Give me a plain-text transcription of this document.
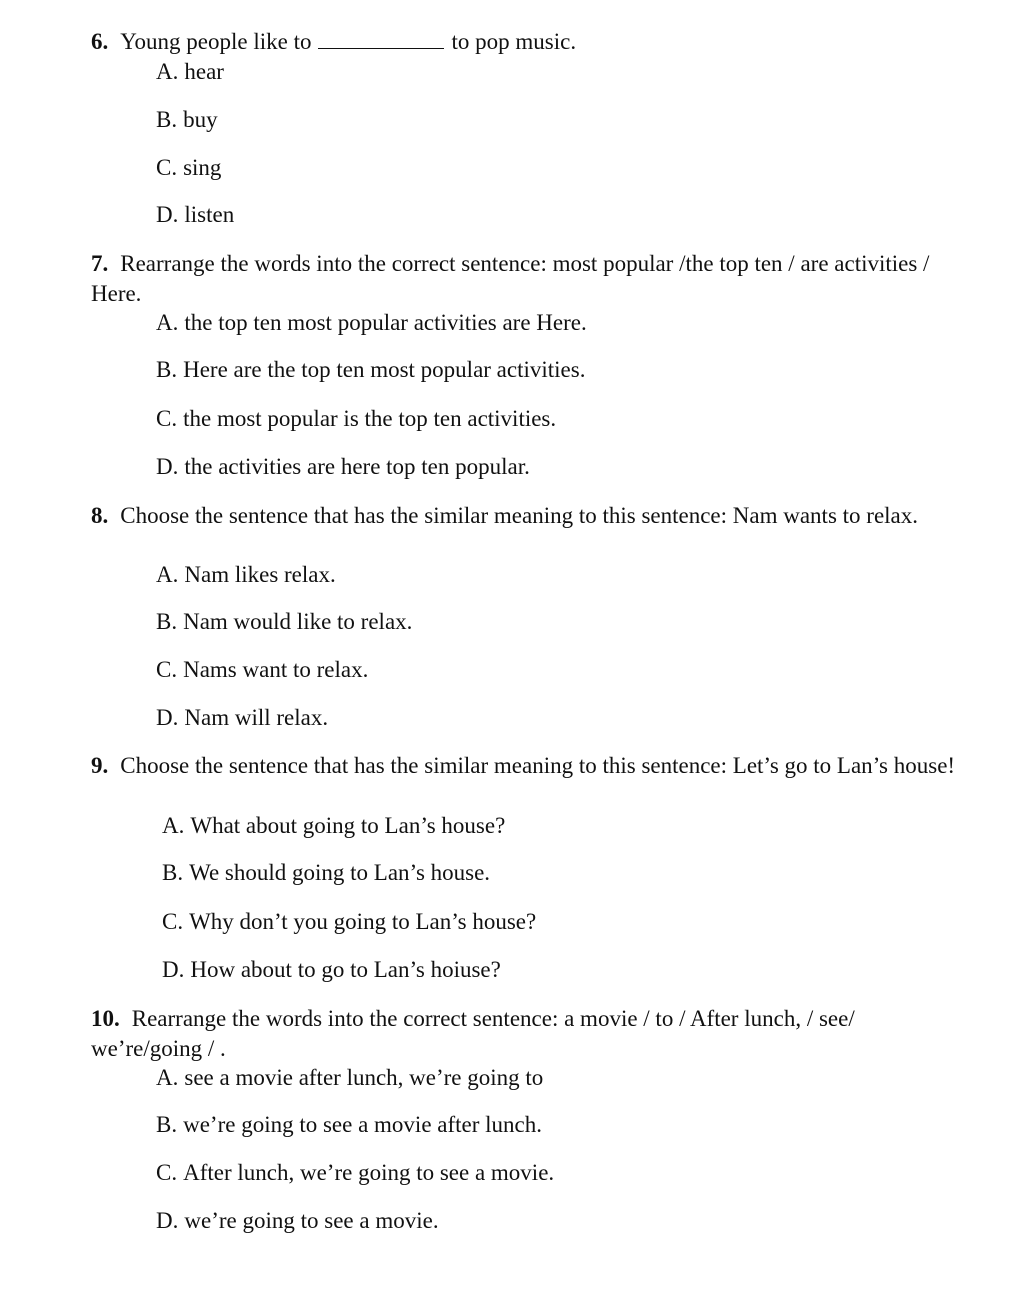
6. Young people like to	to pop music.
A. hear
B. buy
C. sing
D. listen
7. Rearrange the words into the correct sentence: most popular /the top ten / are activities / Here.
A. the top ten most popular activities are Here.
B. Here are the top ten most popular activities.
C. the most popular is the top ten activities.
D. the activities are here top ten popular.
8. Choose the sentence that has the similar meaning to this sentence: Nam wants to relax.
A. Nam likes relax.
B. Nam would like to relax.
C. Nams want to relax.
D. Nam will relax.
9. Choose the sentence that has the similar meaning to this sentence: Let’s go to Lan’s house!
A. What about going to Lan’s house?
B. We should going to Lan’s house.
C. Why don’t you going to Lan’s house?
D. How about to go to Lan’s hoiuse?
10. Rearrange the words into the correct sentence: a movie / to / After lunch, / see/ we’re/going / .
A. see a movie after lunch, we’re going to
B. we’re going to see a movie after lunch.
C. After lunch, we’re going to see a movie.
D. we’re going to see a movie.
